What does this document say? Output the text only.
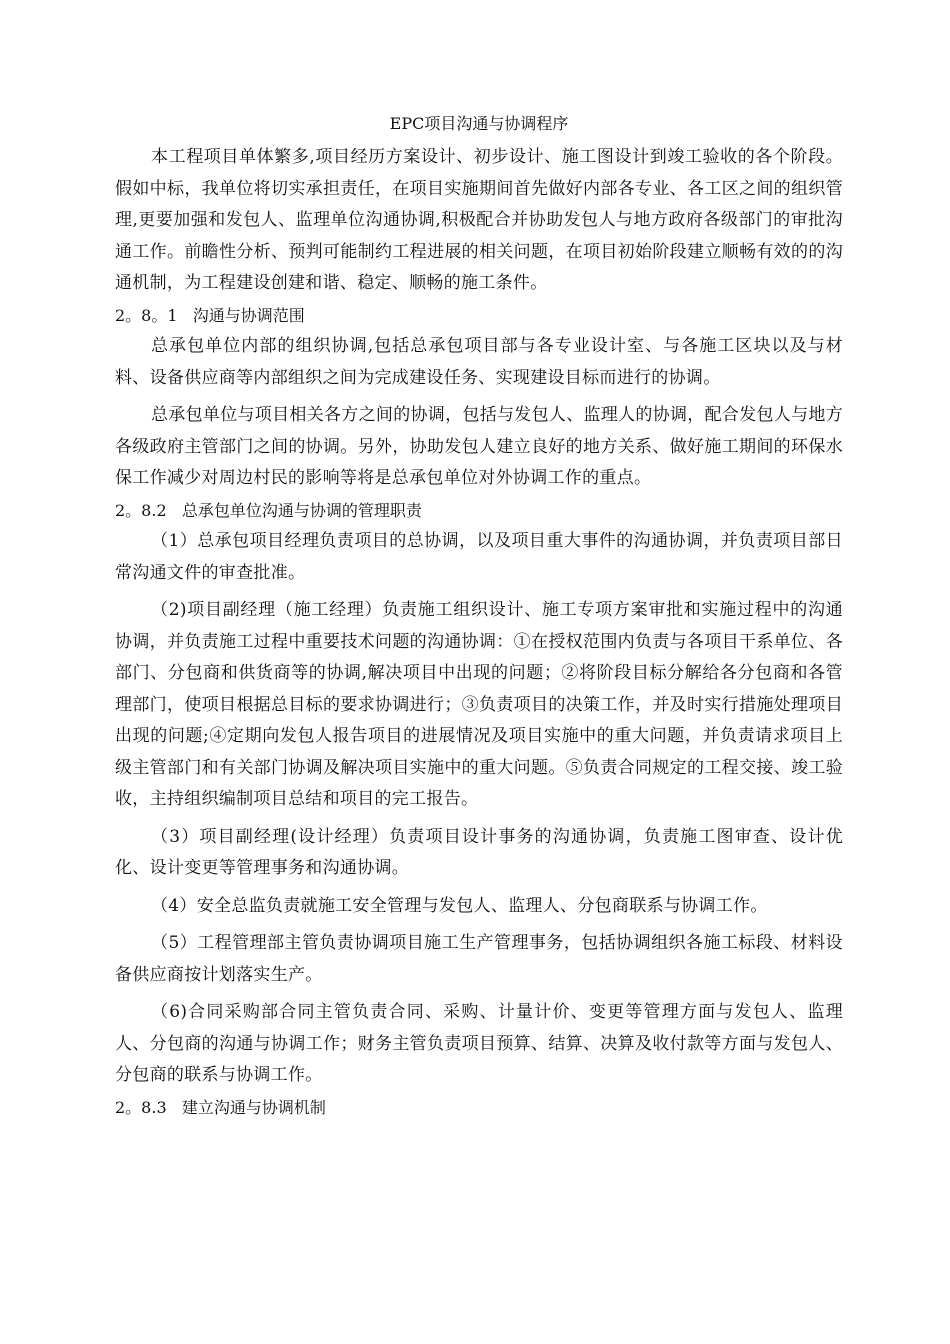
EPC项目沟通与协调程序

本工程项目单体繁多,项目经历方案设计、初步设计、施工图设计到竣工验收的各个阶段。假如中标，我单位将切实承担责任，在项目实施期间首先做好内部各专业、各工区之间的组织管理,更要加强和发包人、监理单位沟通协调,积极配合并协助发包人与地方政府各级部门的审批沟通工作。前瞻性分析、预判可能制约工程进展的相关问题，在项目初始阶段建立顺畅有效的的沟通机制，为工程建设创建和谐、稳定、顺畅的施工条件。

2。8。1   沟通与协调范围

总承包单位内部的组织协调,包括总承包项目部与各专业设计室、与各施工区块以及与材料、设备供应商等内部组织之间为完成建设任务、实现建设目标而进行的协调。

总承包单位与项目相关各方之间的协调，包括与发包人、监理人的协调，配合发包人与地方各级政府主管部门之间的协调。另外，协助发包人建立良好的地方关系、做好施工期间的环保水保工作减少对周边村民的影响等将是总承包单位对外协调工作的重点。

2。8.2   总承包单位沟通与协调的管理职责

（1）总承包项目经理负责项目的总协调，以及项目重大事件的沟通协调，并负责项目部日常沟通文件的审查批准。

（2)项目副经理（施工经理）负责施工组织设计、施工专项方案审批和实施过程中的沟通协调，并负责施工过程中重要技术问题的沟通协调：①在授权范围内负责与各项目干系单位、各部门、分包商和供货商等的协调,解决项目中出现的问题；②将阶段目标分解给各分包商和各管理部门，使项目根据总目标的要求协调进行；③负责项目的决策工作，并及时实行措施处理项目出现的问题;④定期向发包人报告项目的进展情况及项目实施中的重大问题，并负责请求项目上级主管部门和有关部门协调及解决项目实施中的重大问题。⑤负责合同规定的工程交接、竣工验收，主持组织编制项目总结和项目的完工报告。

（3）项目副经理(设计经理）负责项目设计事务的沟通协调，负责施工图审查、设计优化、设计变更等管理事务和沟通协调。

（4）安全总监负责就施工安全管理与发包人、监理人、分包商联系与协调工作。

（5）工程管理部主管负责协调项目施工生产管理事务，包括协调组织各施工标段、材料设备供应商按计划落实生产。

（6)合同采购部合同主管负责合同、采购、计量计价、变更等管理方面与发包人、监理人、分包商的沟通与协调工作；财务主管负责项目预算、结算、决算及收付款等方面与发包人、分包商的联系与协调工作。

2。8.3   建立沟通与协调机制
